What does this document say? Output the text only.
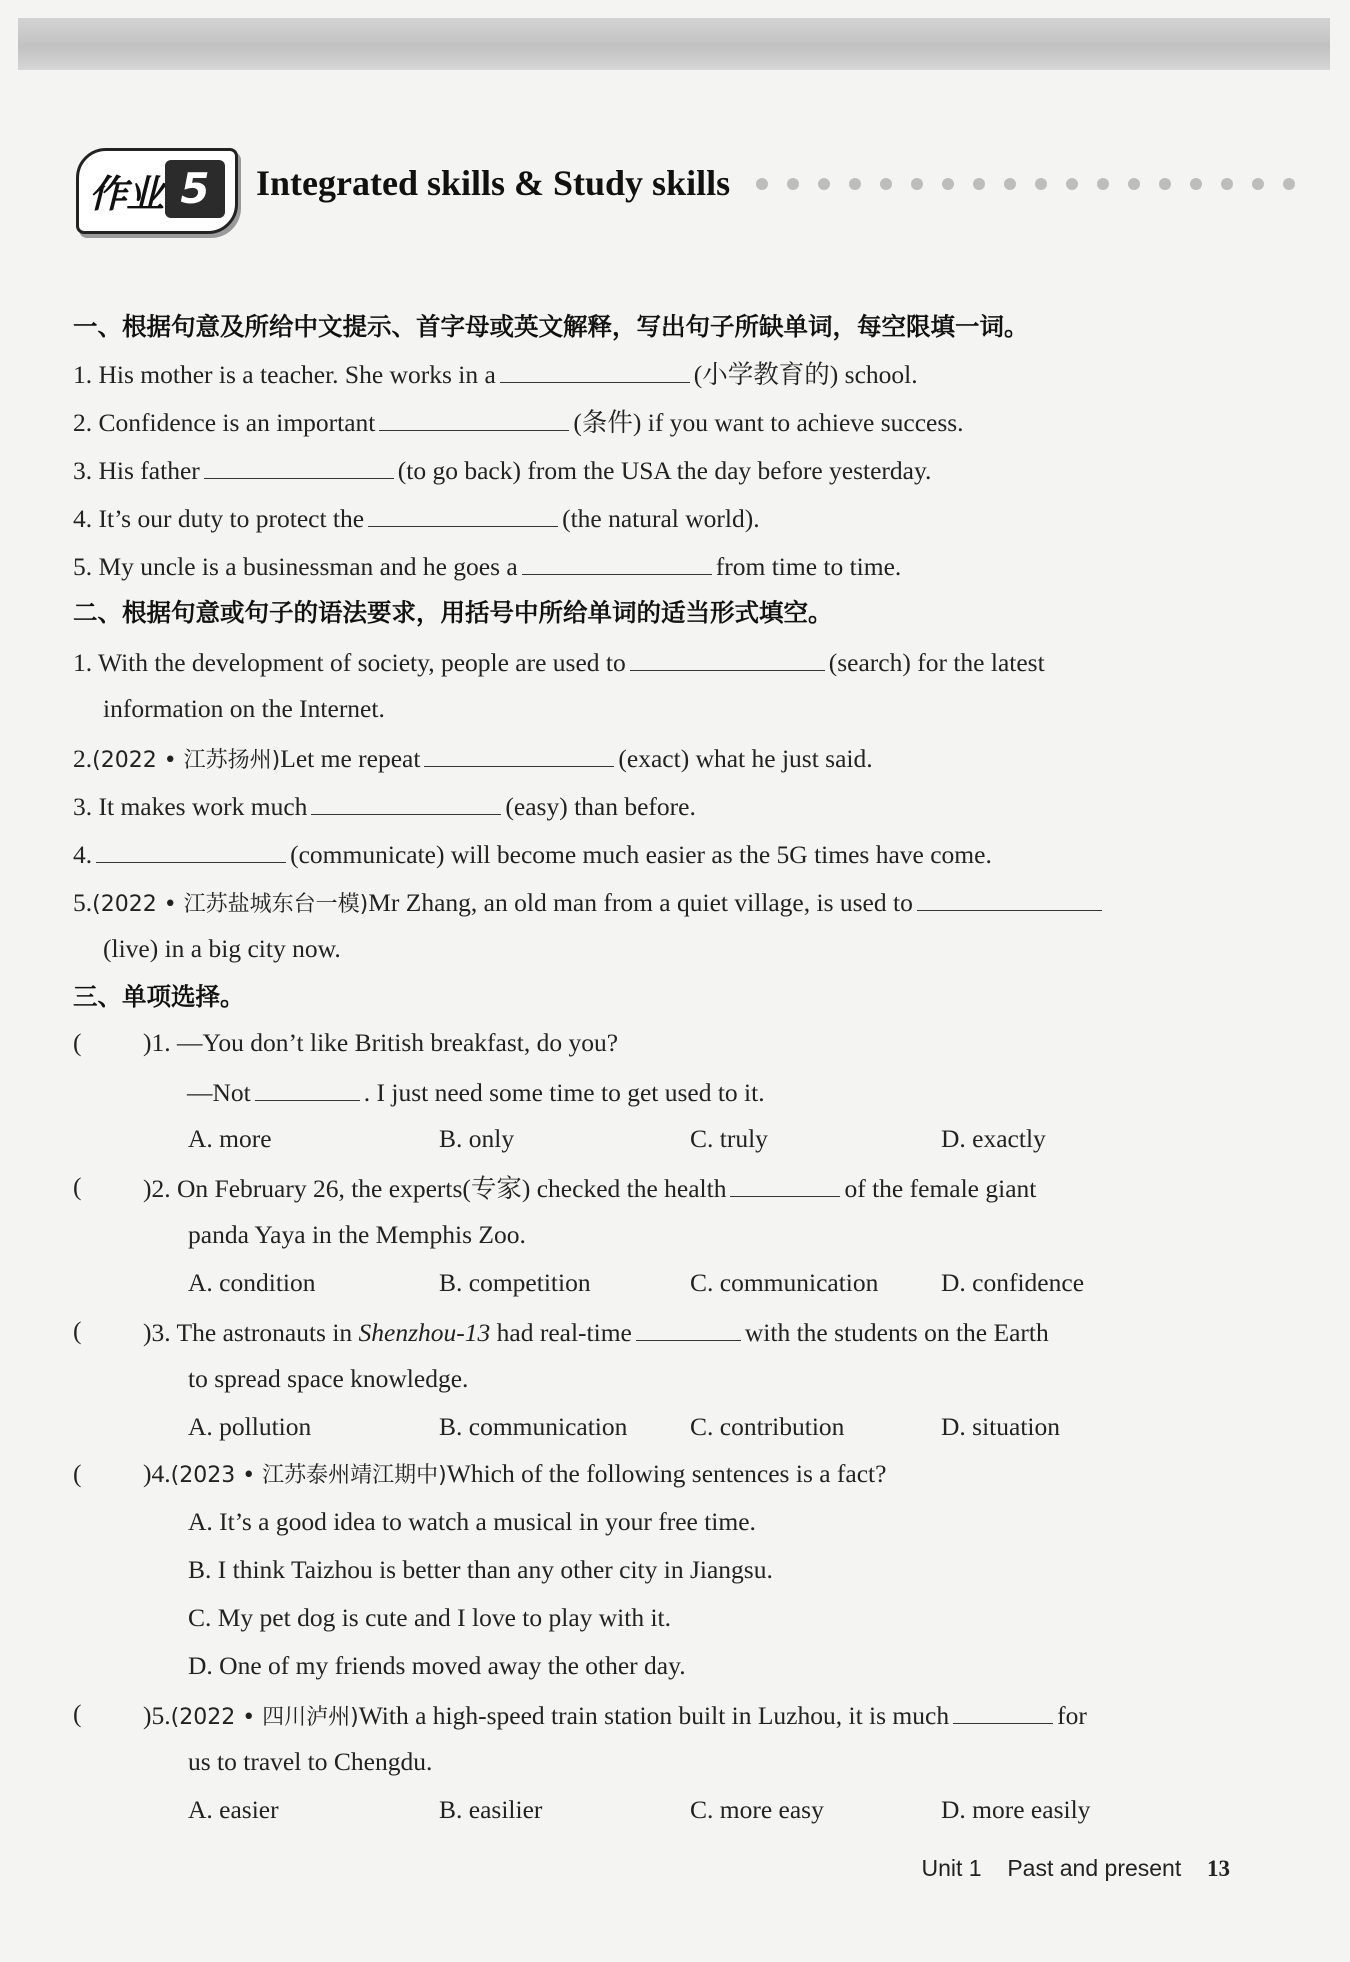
作业 5	Integrated skills & Study skills
一、根据句意及所给中文提示、首字母或英文解释，写出句子所缺单词，每空限填一词。
1. His mother is a teacher. She works in a	(小学教育的) school.
2. Confidence is an important	(条件) if you want to achieve success.
3. His father	(to go back) from the USA the day before yesterday.
4. It’s our duty to protect the	(the natural world).
5. My uncle is a businessman and he goes a	from time to time.
二、根据句意或句子的语法要求，用括号中所给单词的适当形式填空。
1. With the development of society, people are used to	(search) for the latest
information on the Internet.
2.(2022 • 江苏扬州)Let me repeat	(exact) what he just said.
3. It makes work much	(easy) than before.
4.	(communicate) will become much easier as the 5G times have come.
5.(2022 • 江苏盐城东台一模)Mr Zhang, an old man from a quiet village, is used to
(live) in a big city now.
三、单项选择。
( )1. —You don’t like British breakfast, do you?
—Not	. I just need some time to get used to it.
A. more	B. only	C. truly	D. exactly
( )2. On February 26, the experts(专家) checked the health	of the female giant
panda Yaya in the Memphis Zoo.
A. condition	B. competition	C. communication D. confidence
( )3. The astronauts in Shenzhou-13 had real-time	with the students on the Earth
to spread space knowledge.
A. pollution	B. communication C. contribution	D. situation
( )4.(2023 • 江苏泰州靖江期中)Which of the following sentences is a fact?
A. It’s a good idea to watch a musical in your free time.
B. I think Taizhou is better than any other city in Jiangsu.
C. My pet dog is cute and I love to play with it.
D. One of my friends moved away the other day.
( )5.(2022 • 四川泸州)With a high-speed train station built in Luzhou, it is much	for
us to travel to Chengdu.
A. easier	B. easilier	C. more easy	D. more easily
Unit 1 Past and present 13
